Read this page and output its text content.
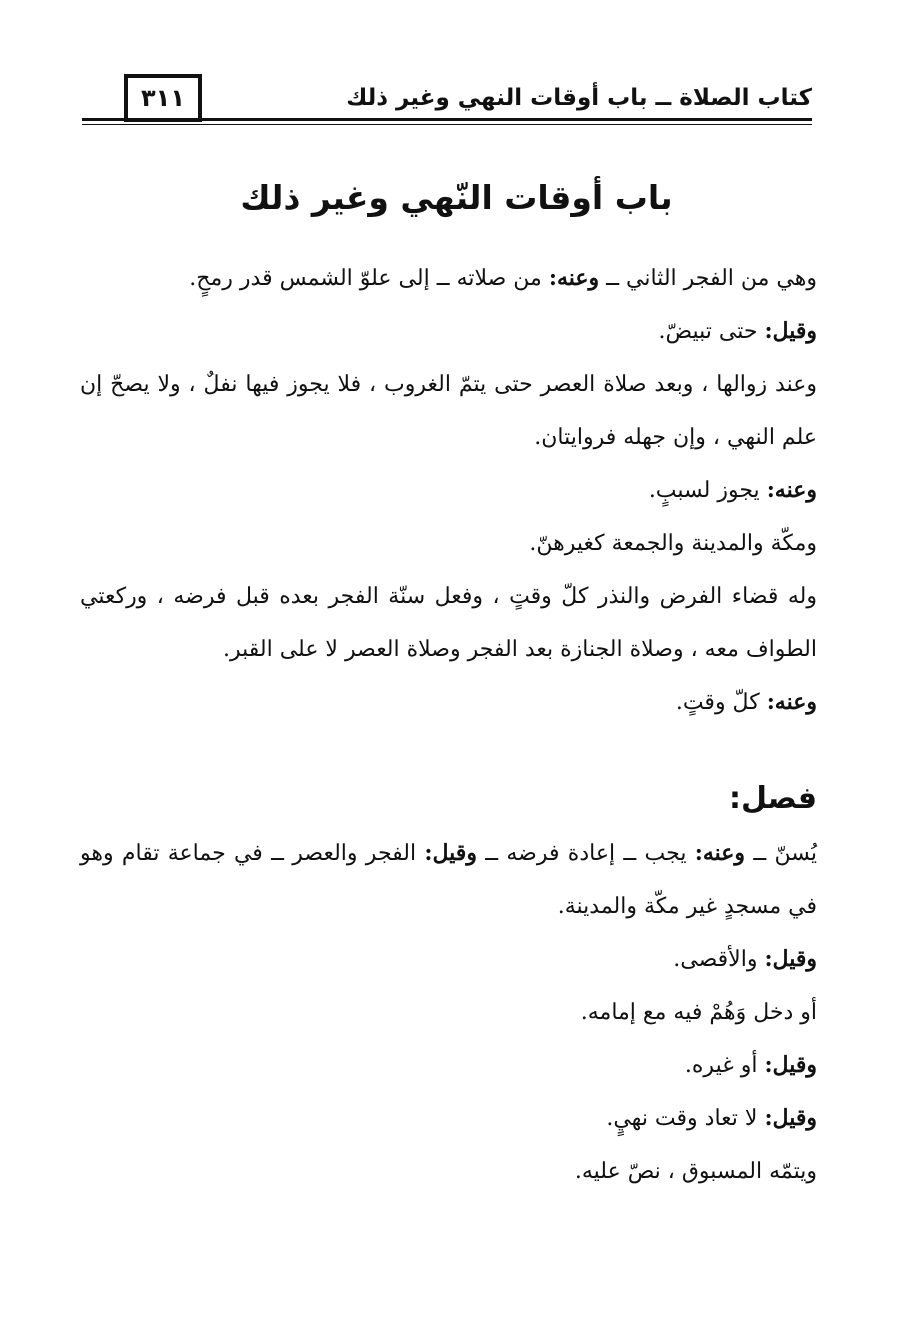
كتاب الصلاة ــ باب أوقات النهي وغير ذلك
٣١١
باب أوقات النّهي وغير ذلك

وهي من الفجر الثاني ــ وعنه: من صلاته ــ إلى علوّ الشمس قدر رمحٍ.

وقيل: حتى تبيضّ.

وعند زوالها ، وبعد صلاة العصر حتى يتمّ الغروب ، فلا يجوز فيها نفلٌ ، ولا يصحّ إن علم النهي ، وإن جهله فروايتان.

وعنه: يجوز لسببٍ.

ومكّة والمدينة والجمعة كغيرهنّ.

وله قضاء الفرض والنذر كلّ وقتٍ ، وفعل سنّة الفجر بعده قبل فرضه ، وركعتي الطواف معه ، وصلاة الجنازة بعد الفجر وصلاة العصر لا على القبر.

وعنه: كلّ وقتٍ.

فصل:

يُسنّ ــ وعنه: يجب ــ إعادة فرضه ــ وقيل: الفجر والعصر ــ في جماعة تقام وهو في مسجدٍ غير مكّة والمدينة.

وقيل: والأقصى.

أو دخل وَهُمْ فيه مع إمامه.

وقيل: أو غيره.

وقيل: لا تعاد وقت نهيٍ.

ويتمّه المسبوق ، نصّ عليه.
